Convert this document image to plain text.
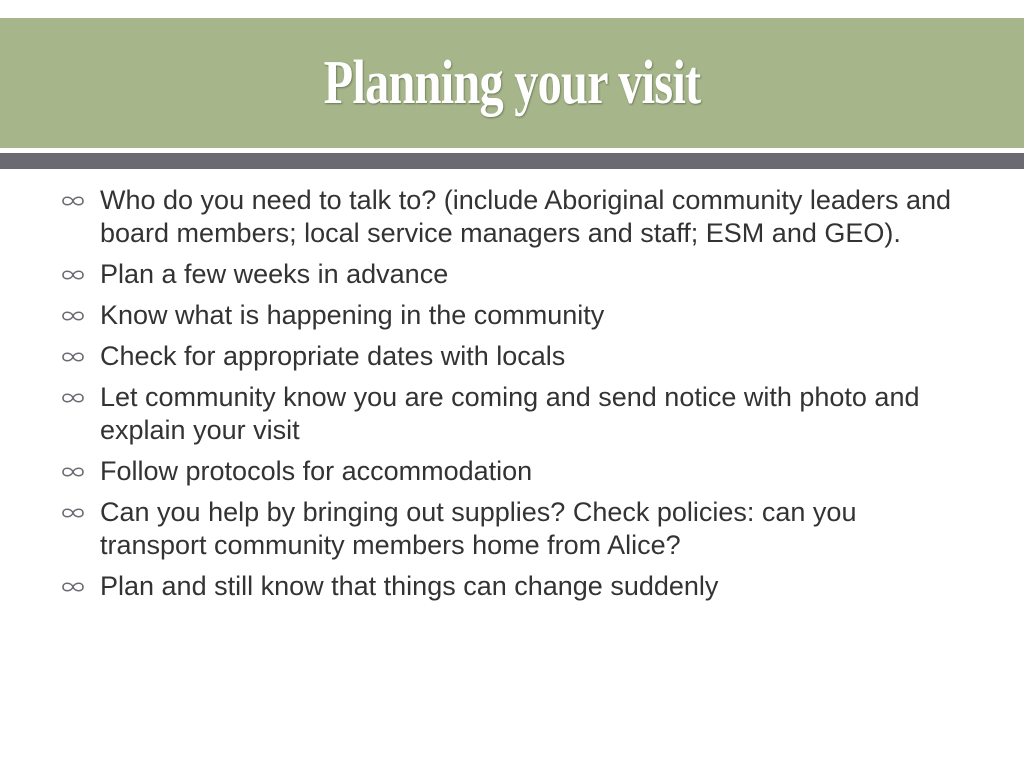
Planning your visit
Who do you need to talk to? (include Aboriginal community leaders and board members; local service managers and staff; ESM and GEO).
Plan a few weeks in advance
Know what is happening in the community
Check for appropriate dates with locals
Let community know you are coming and send notice with photo and explain your visit
Follow protocols for accommodation
Can you help by bringing out supplies? Check policies: can you transport community members home from Alice?
Plan and still know that things can change suddenly
